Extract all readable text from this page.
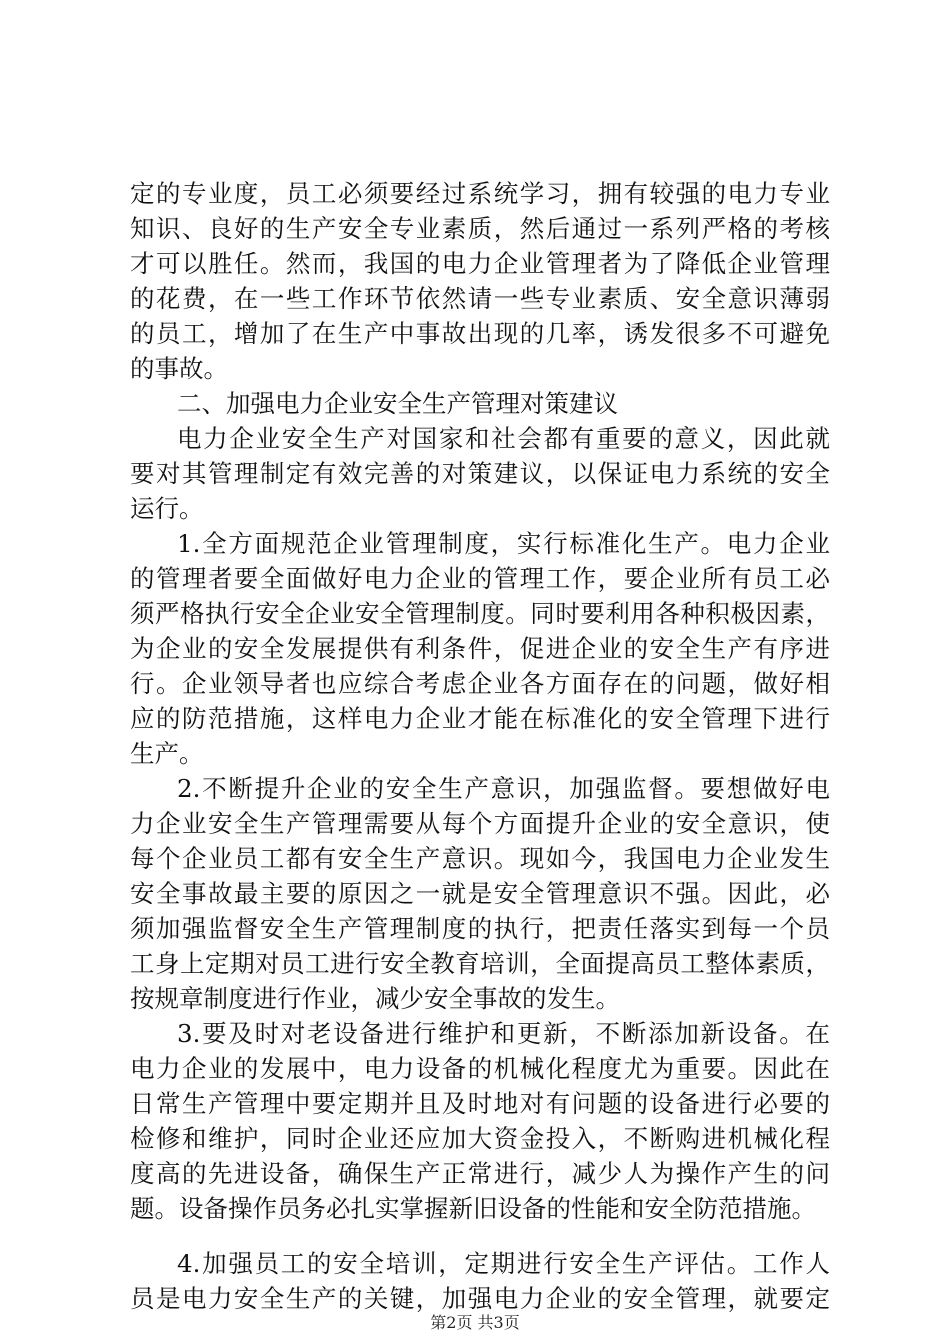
定的专业度，员工必须要经过系统学习，拥有较强的电力专业
知识、良好的生产安全专业素质，然后通过一系列严格的考核
才可以胜任。然而，我国的电力企业管理者为了降低企业管理
的花费，在一些工作环节依然请一些专业素质、安全意识薄弱
的员工，增加了在生产中事故出现的几率，诱发很多不可避免
的事故。
二、加强电力企业安全生产管理对策建议
电力企业安全生产对国家和社会都有重要的意义，因此就
要对其管理制定有效完善的对策建议，以保证电力系统的安全
运行。
1.全方面规范企业管理制度，实行标准化生产。电力企业
的管理者要全面做好电力企业的管理工作，要企业所有员工必
须严格执行安全企业安全管理制度。同时要利用各种积极因素，
为企业的安全发展提供有利条件，促进企业的安全生产有序进
行。企业领导者也应综合考虑企业各方面存在的问题，做好相
应的防范措施，这样电力企业才能在标准化的安全管理下进行
生产。
2.不断提升企业的安全生产意识，加强监督。要想做好电
力企业安全生产管理需要从每个方面提升企业的安全意识，使
每个企业员工都有安全生产意识。现如今，我国电力企业发生
安全事故最主要的原因之一就是安全管理意识不强。因此，必
须加强监督安全生产管理制度的执行，把责任落实到每一个员
工身上定期对员工进行安全教育培训，全面提高员工整体素质，
按规章制度进行作业，减少安全事故的发生。
3.要及时对老设备进行维护和更新，不断添加新设备。在
电力企业的发展中，电力设备的机械化程度尤为重要。因此在
日常生产管理中要定期并且及时地对有问题的设备进行必要的
检修和维护，同时企业还应加大资金投入，不断购进机械化程
度高的先进设备，确保生产正常进行，减少人为操作产生的问
题。设备操作员务必扎实掌握新旧设备的性能和安全防范措施。
4.加强员工的安全培训，定期进行安全生产评估。工作人
员是电力安全生产的关键，加强电力企业的安全管理，就要定
第2页 共3页
